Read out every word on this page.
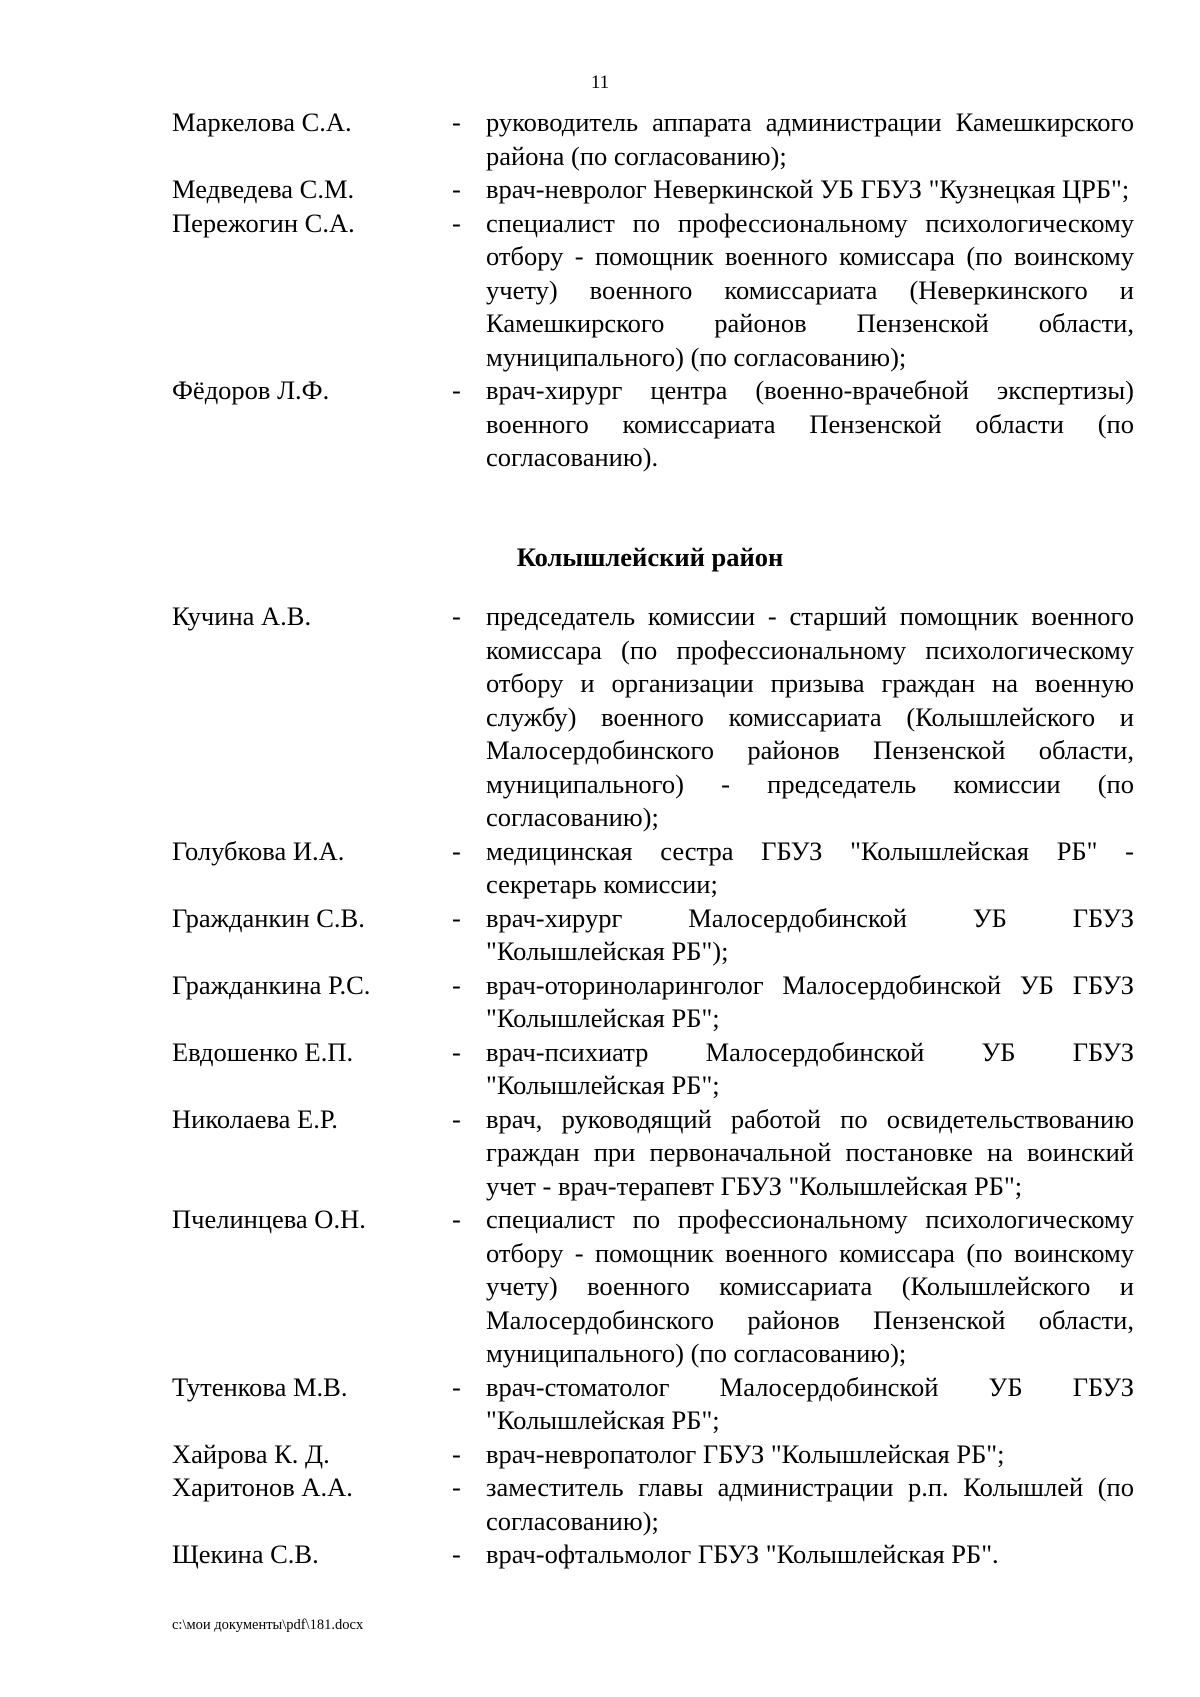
11
Маркелова С.А.	- руководитель аппарата администрации Камешкирского района (по согласованию);
Медведева С.М.	- врач-невролог Неверкинской УБ ГБУЗ "Кузнецкая ЦРБ";
Пережогин С.А.	- специалист по профессиональному психологическому отбору - помощник военного комиссара (по воинскому учету) военного комиссариата (Неверкинского и Камешкирского районов Пензенской области, муниципального) (по согласованию);
Фёдоров Л.Ф.	- врач-хирург центра (военно-врачебной экспертизы) военного комиссариата Пензенской области (по согласованию).
Колышлейский район
Кучина А.В.	- председатель комиссии - старший помощник военного комиссара (по профессиональному психологическому отбору и организации призыва граждан на военную службу) военного комиссариата (Колышлейского и Малосердобинского районов Пензенской области, муниципального) - председатель комиссии (по согласованию);
Голубкова И.А.	- медицинская сестра ГБУЗ "Колышлейская РБ" - секретарь комиссии;
Гражданкин С.В.	- врач-хирург Малосердобинской УБ ГБУЗ "Колышлейская РБ");
Гражданкина Р.С.	- врач-оториноларинголог Малосердобинской УБ ГБУЗ "Колышлейская РБ";
Евдошенко Е.П.	- врач-психиатр Малосердобинской УБ ГБУЗ "Колышлейская РБ";
Николаева Е.Р.	- врач, руководящий работой по освидетельствованию граждан при первоначальной постановке на воинский учет - врач-терапевт ГБУЗ "Колышлейская РБ";
Пчелинцева О.Н.	- специалист по профессиональному психологическому отбору - помощник военного комиссара (по воинскому учету) военного комиссариата (Колышлейского и Малосердобинского районов Пензенской области, муниципального) (по согласованию);
Тутенкова М.В.	- врач-стоматолог Малосердобинской УБ ГБУЗ "Колышлейская РБ";
Хайрова К. Д.	- врач-невропатолог ГБУЗ "Колышлейская РБ";
Харитонов А.А.	- заместитель главы администрации р.п. Колышлей (по согласованию);
Щекина С.В.	- врач-офтальмолог ГБУЗ "Колышлейская РБ".
c:\мои документы\pdf\181.docx
